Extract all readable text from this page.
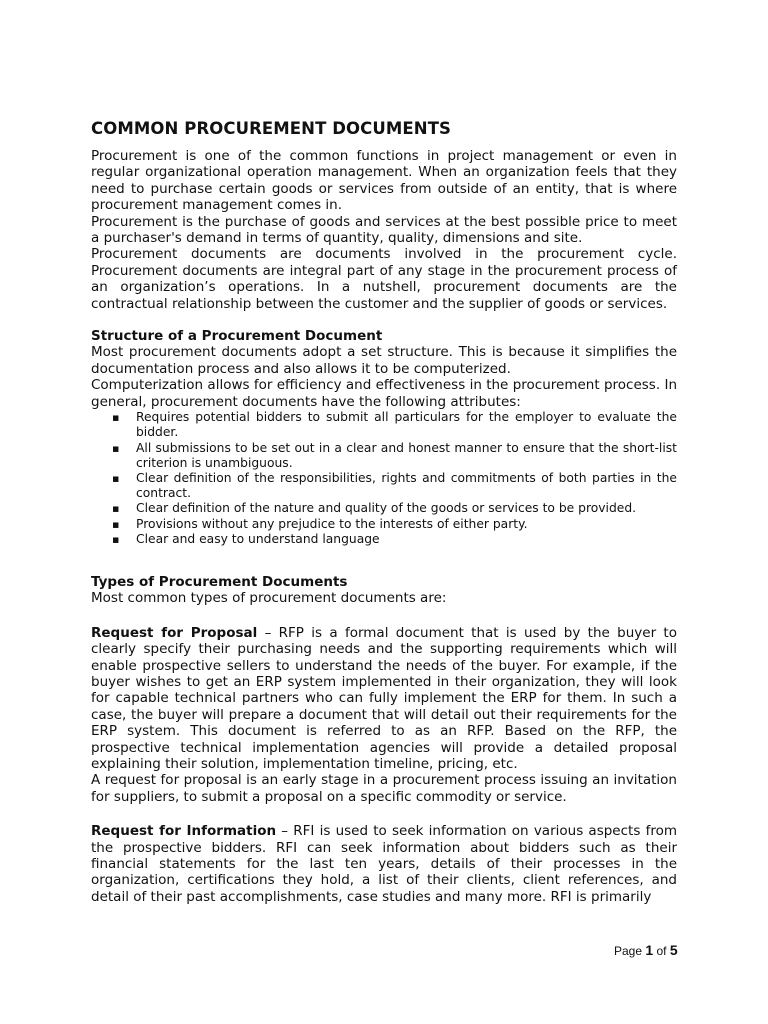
COMMON PROCUREMENT DOCUMENTS

Procurement is one of the common functions in project management or even in regular organizational operation management. When an organization feels that they need to purchase certain goods or services from outside of an entity, that is where procurement management comes in.

Procurement is the purchase of goods and services at the best possible price to meet a purchaser's demand in terms of quantity, quality, dimensions and site.

Procurement documents are documents involved in the procurement cycle. Procurement documents are integral part of any stage in the procurement process of an organization’s operations. In a nutshell, procurement documents are the contractual relationship between the customer and the supplier of goods or services.

Structure of a Procurement Document

Most procurement documents adopt a set structure. This is because it simplifies the documentation process and also allows it to be computerized.

Computerization allows for efficiency and effectiveness in the procurement process. In general, procurement documents have the following attributes:

▪ Requires potential bidders to submit all particulars for the employer to evaluate the bidder.
▪ All submissions to be set out in a clear and honest manner to ensure that the short-list criterion is unambiguous.
▪ Clear definition of the responsibilities, rights and commitments of both parties in the contract.
▪ Clear definition of the nature and quality of the goods or services to be provided.
▪ Provisions without any prejudice to the interests of either party.
▪ Clear and easy to understand language
Types of Procurement Documents

Most common types of procurement documents are:

Request for Proposal – RFP is a formal document that is used by the buyer to clearly specify their purchasing needs and the supporting requirements which will enable prospective sellers to understand the needs of the buyer. For example, if the buyer wishes to get an ERP system implemented in their organization, they will look for capable technical partners who can fully implement the ERP for them. In such a case, the buyer will prepare a document that will detail out their requirements for the ERP system. This document is referred to as an RFP. Based on the RFP, the prospective technical implementation agencies will provide a detailed proposal explaining their solution, implementation timeline, pricing, etc.

A request for proposal is an early stage in a procurement process issuing an invitation for suppliers, to submit a proposal on a specific commodity or service.

Request for Information – RFI is used to seek information on various aspects from the prospective bidders. RFI can seek information about bidders such as their financial statements for the last ten years, details of their processes in the organization, certifications they hold, a list of their clients, client references, and detail of their past accomplishments, case studies and many more. RFI is primarily

Page 1 of 5
